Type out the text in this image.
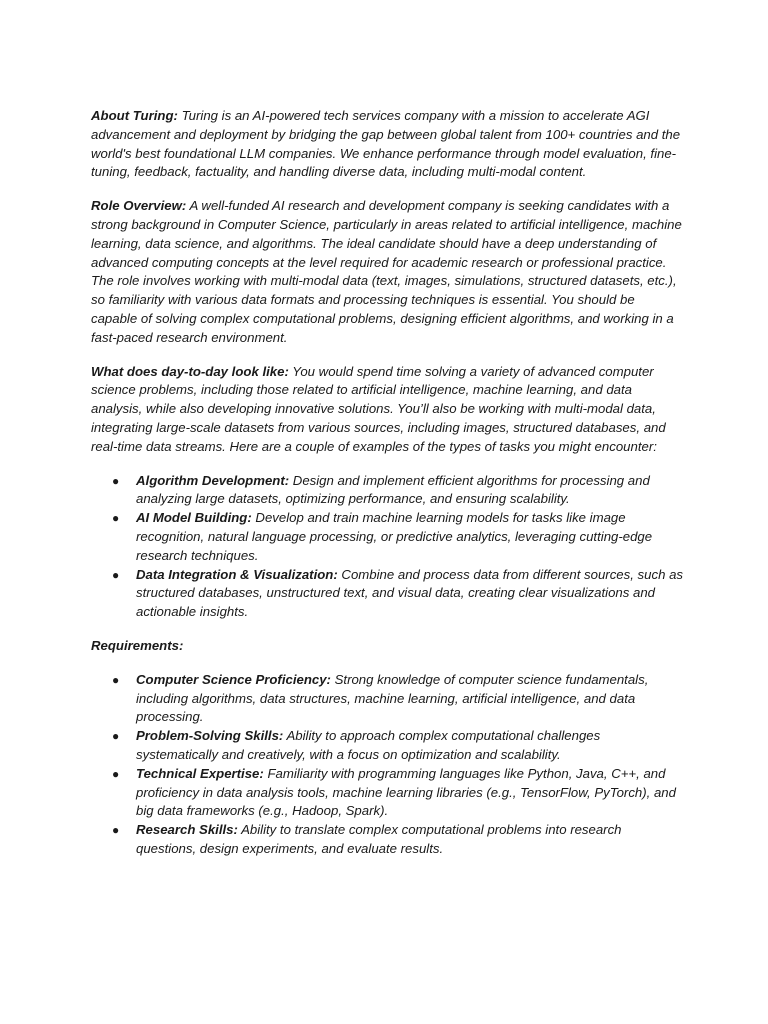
About Turing: Turing is an AI-powered tech services company with a mission to accelerate AGI advancement and deployment by bridging the gap between global talent from 100+ countries and the world's best foundational LLM companies. We enhance performance through model evaluation, fine-tuning, feedback, factuality, and handling diverse data, including multi-modal content.

Role Overview: A well-funded AI research and development company is seeking candidates with a strong background in Computer Science, particularly in areas related to artificial intelligence, machine learning, data science, and algorithms. The ideal candidate should have a deep understanding of advanced computing concepts at the level required for academic research or professional practice. The role involves working with multi-modal data (text, images, simulations, structured datasets, etc.), so familiarity with various data formats and processing techniques is essential. You should be capable of solving complex computational problems, designing efficient algorithms, and working in a fast-paced research environment.

What does day-to-day look like: You would spend time solving a variety of advanced computer science problems, including those related to artificial intelligence, machine learning, and data analysis, while also developing innovative solutions. You’ll also be working with multi-modal data, integrating large-scale datasets from various sources, including images, structured databases, and real-time data streams. Here are a couple of examples of the types of tasks you might encounter:

● Algorithm Development: Design and implement efficient algorithms for processing and analyzing large datasets, optimizing performance, and ensuring scalability.
● AI Model Building: Develop and train machine learning models for tasks like image recognition, natural language processing, or predictive analytics, leveraging cutting-edge research techniques.
● Data Integration & Visualization: Combine and process data from different sources, such as structured databases, unstructured text, and visual data, creating clear visualizations and actionable insights.

Requirements:

● Computer Science Proficiency: Strong knowledge of computer science fundamentals, including algorithms, data structures, machine learning, artificial intelligence, and data processing.
● Problem-Solving Skills: Ability to approach complex computational challenges systematically and creatively, with a focus on optimization and scalability.
● Technical Expertise: Familiarity with programming languages like Python, Java, C++, and proficiency in data analysis tools, machine learning libraries (e.g., TensorFlow, PyTorch), and big data frameworks (e.g., Hadoop, Spark).
● Research Skills: Ability to translate complex computational problems into research questions, design experiments, and evaluate results.
